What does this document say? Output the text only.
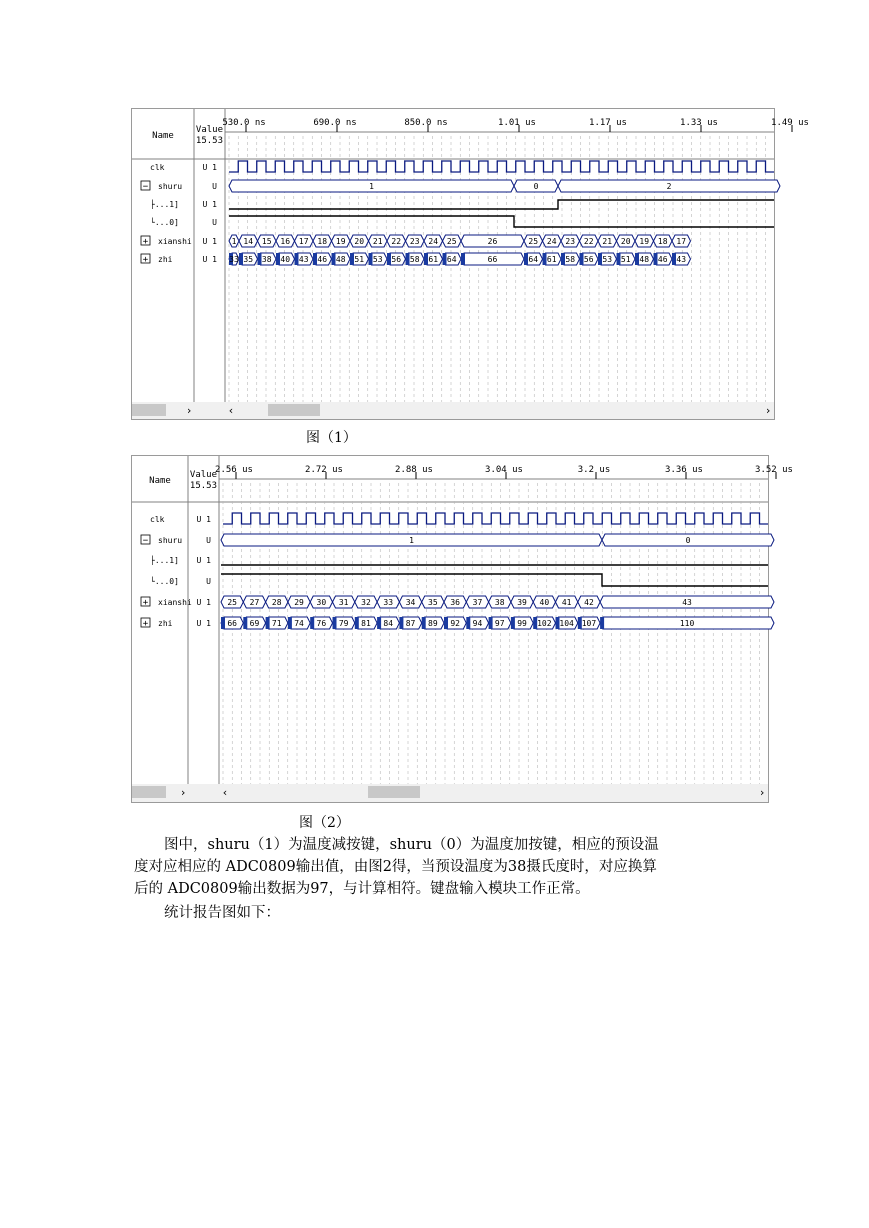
Name
Value
15.53
530.0 ns	690.0 ns	850.0 ns	1.01 us	1.17 us	1.33 us	1.49 us
clk	U 1
− shuru	U
├...1]	U 1
└...0]	U
+ xianshi U 1
+ zhi	U 1
1	0	2
1 14 15 16 17 18 19 20 21 22 23 24 25	26	25 24 23 22 21 20 19 18 17
33 35 38 40 43 46 48 51 53 56 58 61 64	66	64 61 58 56 53 51 48 46 43
›	‹	›
图（1）
Name
Value
15.53
2.56 us	2.72 us	2.88 us	3.04 us	3.2 us	3.36 us	3.52 us
clk	U 1
− shuru	U
├...1] U 1
└...0]	U
+ xianshi U 1
+ zhi	U 1
1	0
25 27 28 29 30 31 32 33 34 35 36 37 38 39 40 41 42	43
66 69 71 74 76 79 81 84 87 89 92 94 97 99 102 104 107	110
›	‹	›
图（2）
图中，shuru（1）为温度减按键，shuru（0）为温度加按键，相应的预设温
度对应相应的 ADC0809输出值，由图2得，当预设温度为38摄氏度时，对应换算
后的 ADC0809输出数据为97，与计算相符。键盘输入模块工作正常。
统计报告图如下：
